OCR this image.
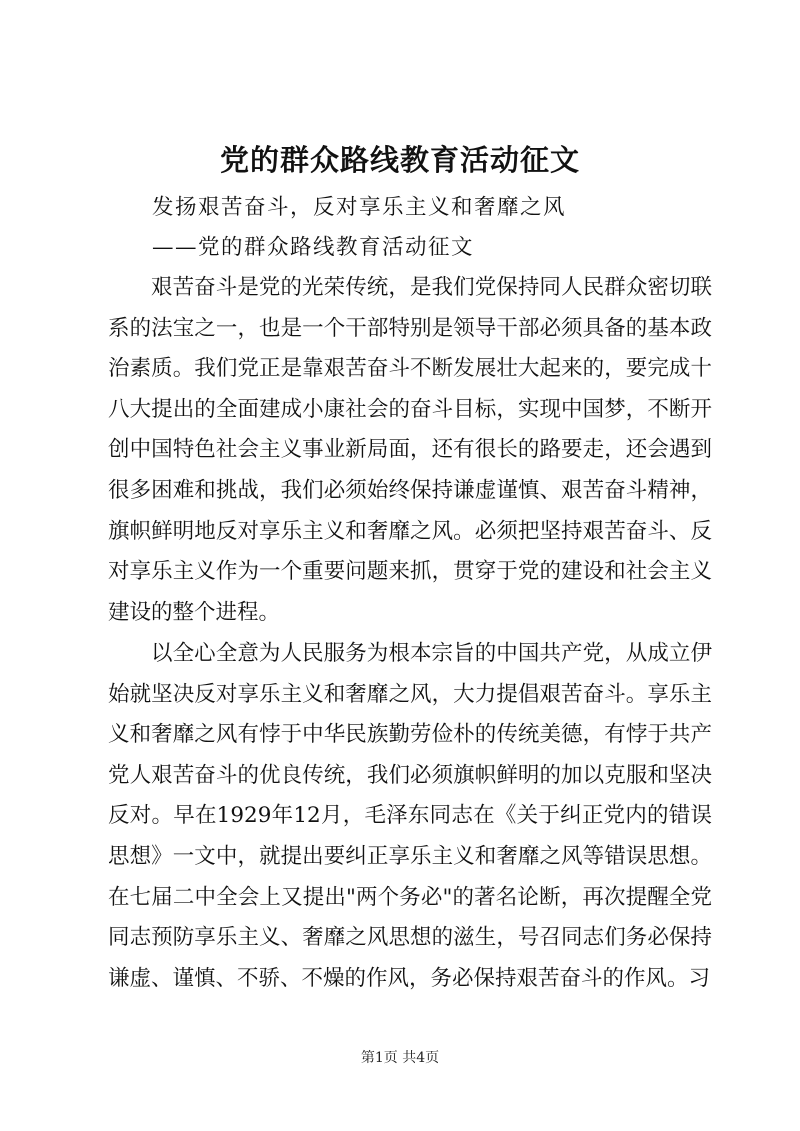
党的群众路线教育活动征文
发扬艰苦奋斗，反对享乐主义和奢靡之风
——党的群众路线教育活动征文

艰苦奋斗是党的光荣传统，是我们党保持同人民群众密切联系的法宝之一，也是一个干部特别是领导干部必须具备的基本政治素质。我们党正是靠艰苦奋斗不断发展壮大起来的，要完成十八大提出的全面建成小康社会的奋斗目标，实现中国梦，不断开创中国特色社会主义事业新局面，还有很长的路要走，还会遇到很多困难和挑战，我们必须始终保持谦虚谨慎、艰苦奋斗精神，旗帜鲜明地反对享乐主义和奢靡之风。必须把坚持艰苦奋斗、反对享乐主义作为一个重要问题来抓，贯穿于党的建设和社会主义建设的整个进程。

以全心全意为人民服务为根本宗旨的中国共产党，从成立伊始就坚决反对享乐主义和奢靡之风，大力提倡艰苦奋斗。享乐主义和奢靡之风有悖于中华民族勤劳俭朴的传统美德，有悖于共产党人艰苦奋斗的优良传统，我们必须旗帜鲜明的加以克服和坚决反对。早在1929年12月，毛泽东同志在《关于纠正党内的错误思想》一文中，就提出要纠正享乐主义和奢靡之风等错误思想。在七届二中全会上又提出"两个务必"的著名论断，再次提醒全党同志预防享乐主义、奢靡之风思想的滋生，号召同志们务必保持谦虚、谨慎、不骄、不燥的作风，务必保持艰苦奋斗的作风。习

第1页 共4页
